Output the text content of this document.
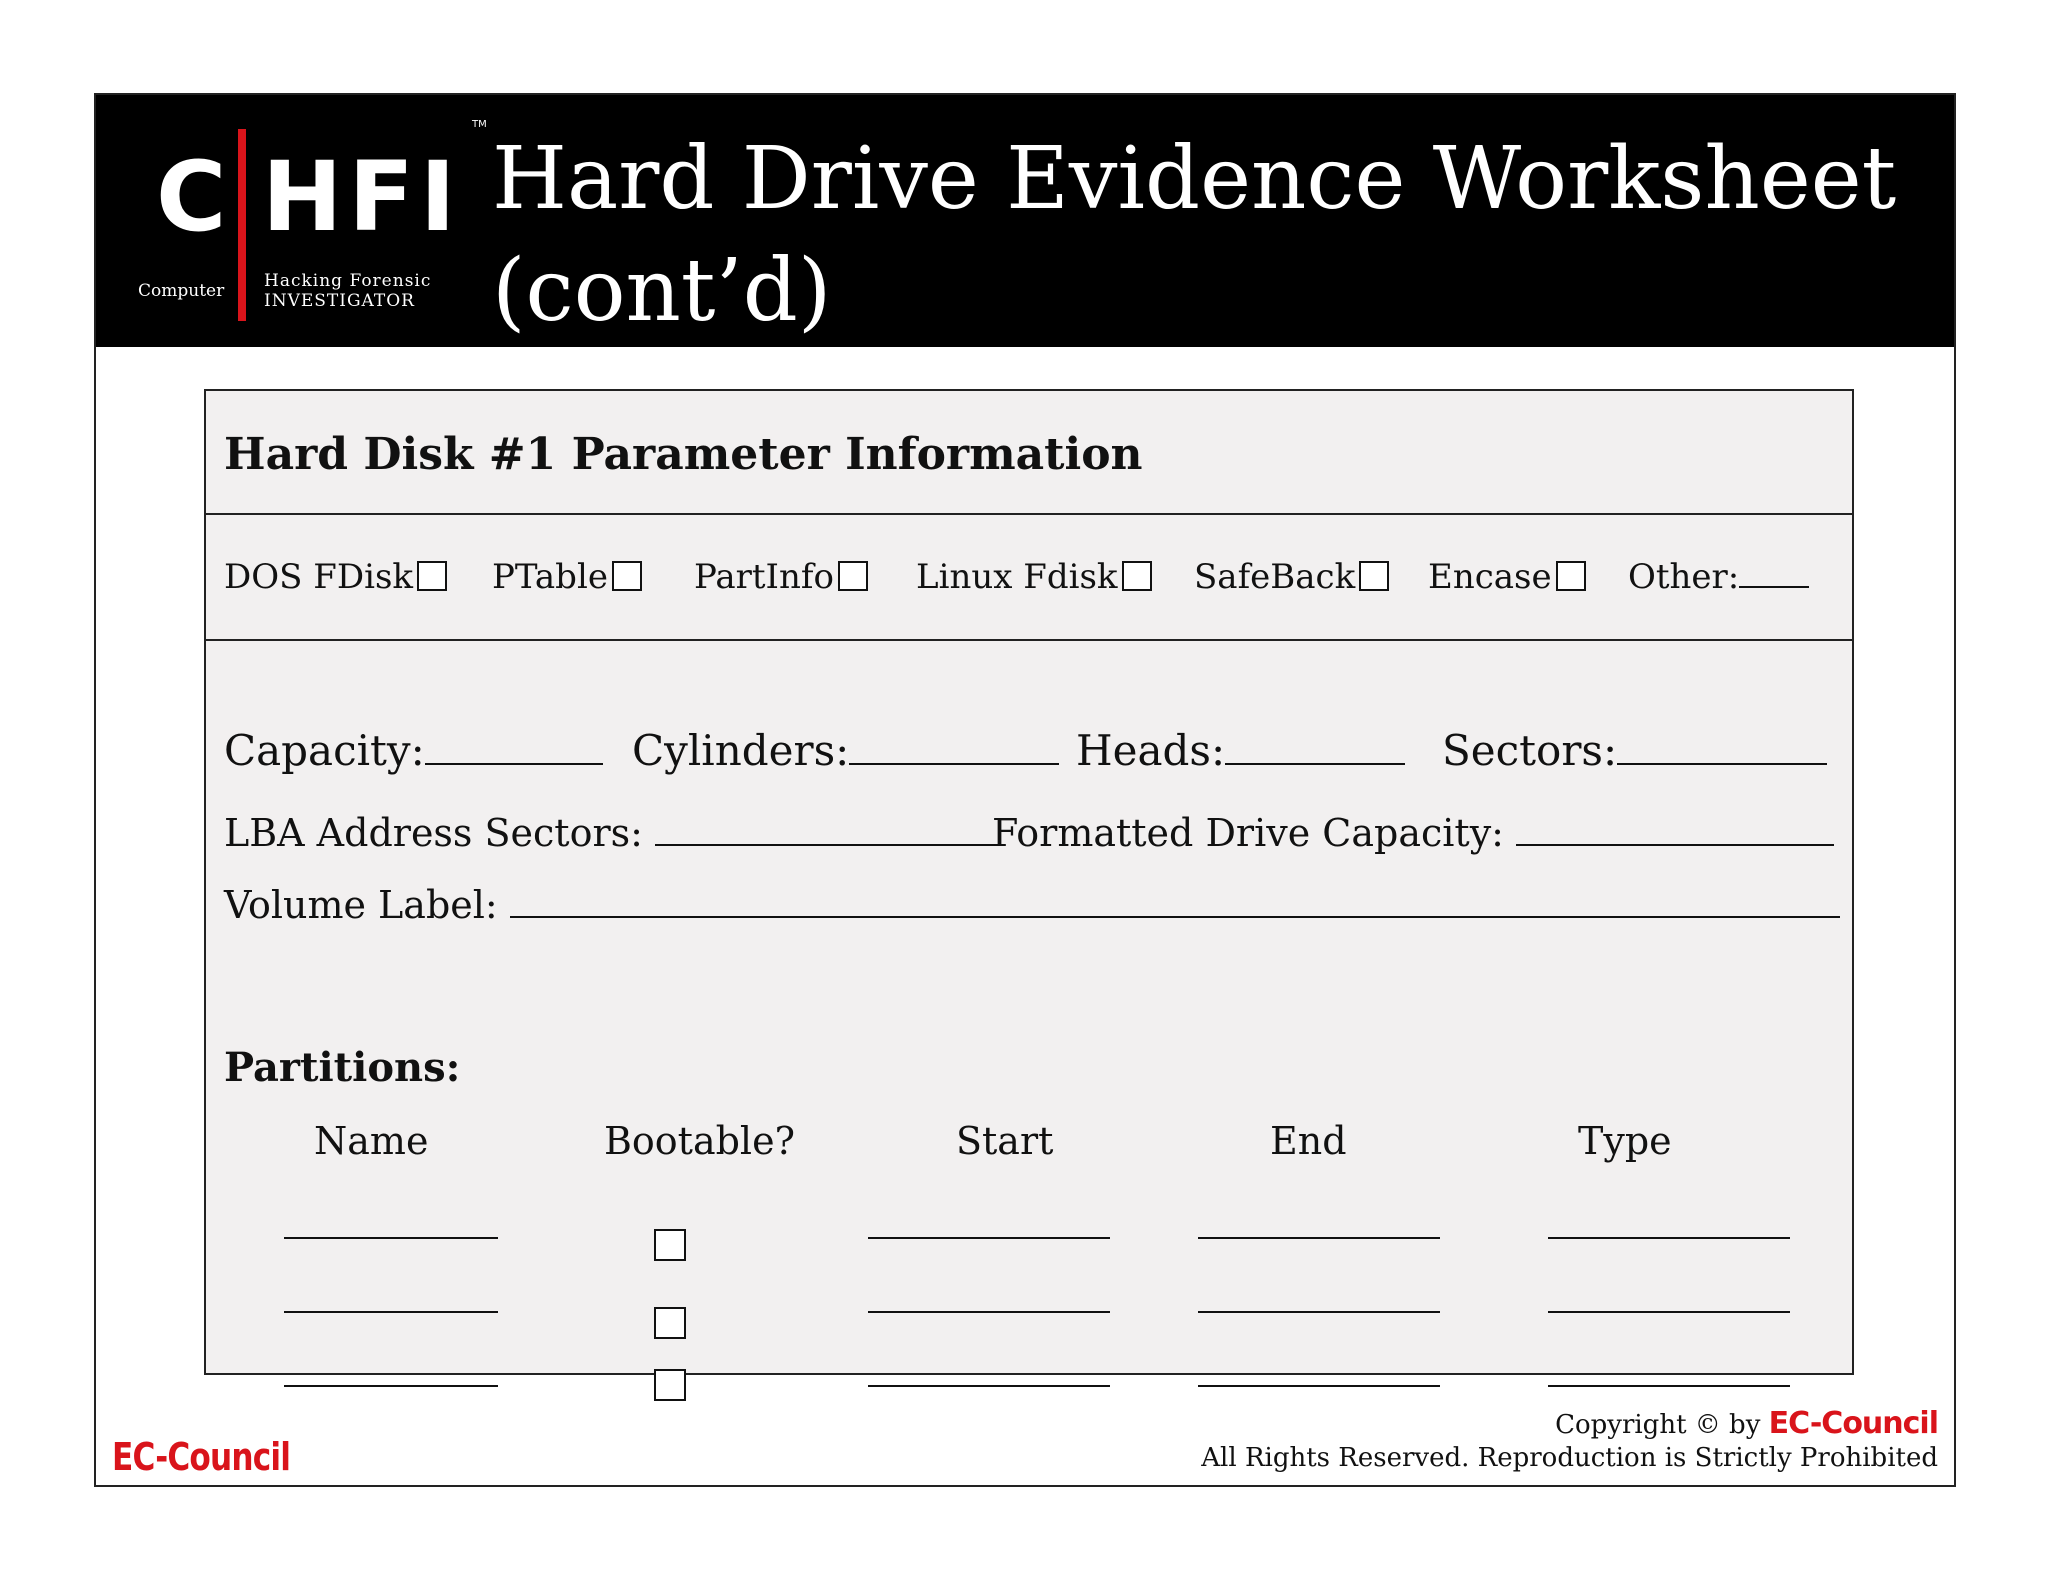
C HFI
TM
Computer Hacking Forensic
INVESTIGATOR
Hard Drive Evidence Worksheet
(cont’d)
Hard Disk #1 Parameter Information
DOS FDisk	PTable	PartInfo	Linux Fdisk	SafeBack	Encase	Other:
Capacity:	Cylinders:	Heads:	Sectors:
LBA Address Sectors:	Formatted Drive Capacity:
Volume Label:
Partitions:
Name	Bootable?	Start	End	Type
EC-Council
Copyright © by EC-Council
All Rights Reserved. Reproduction is Strictly Prohibited
